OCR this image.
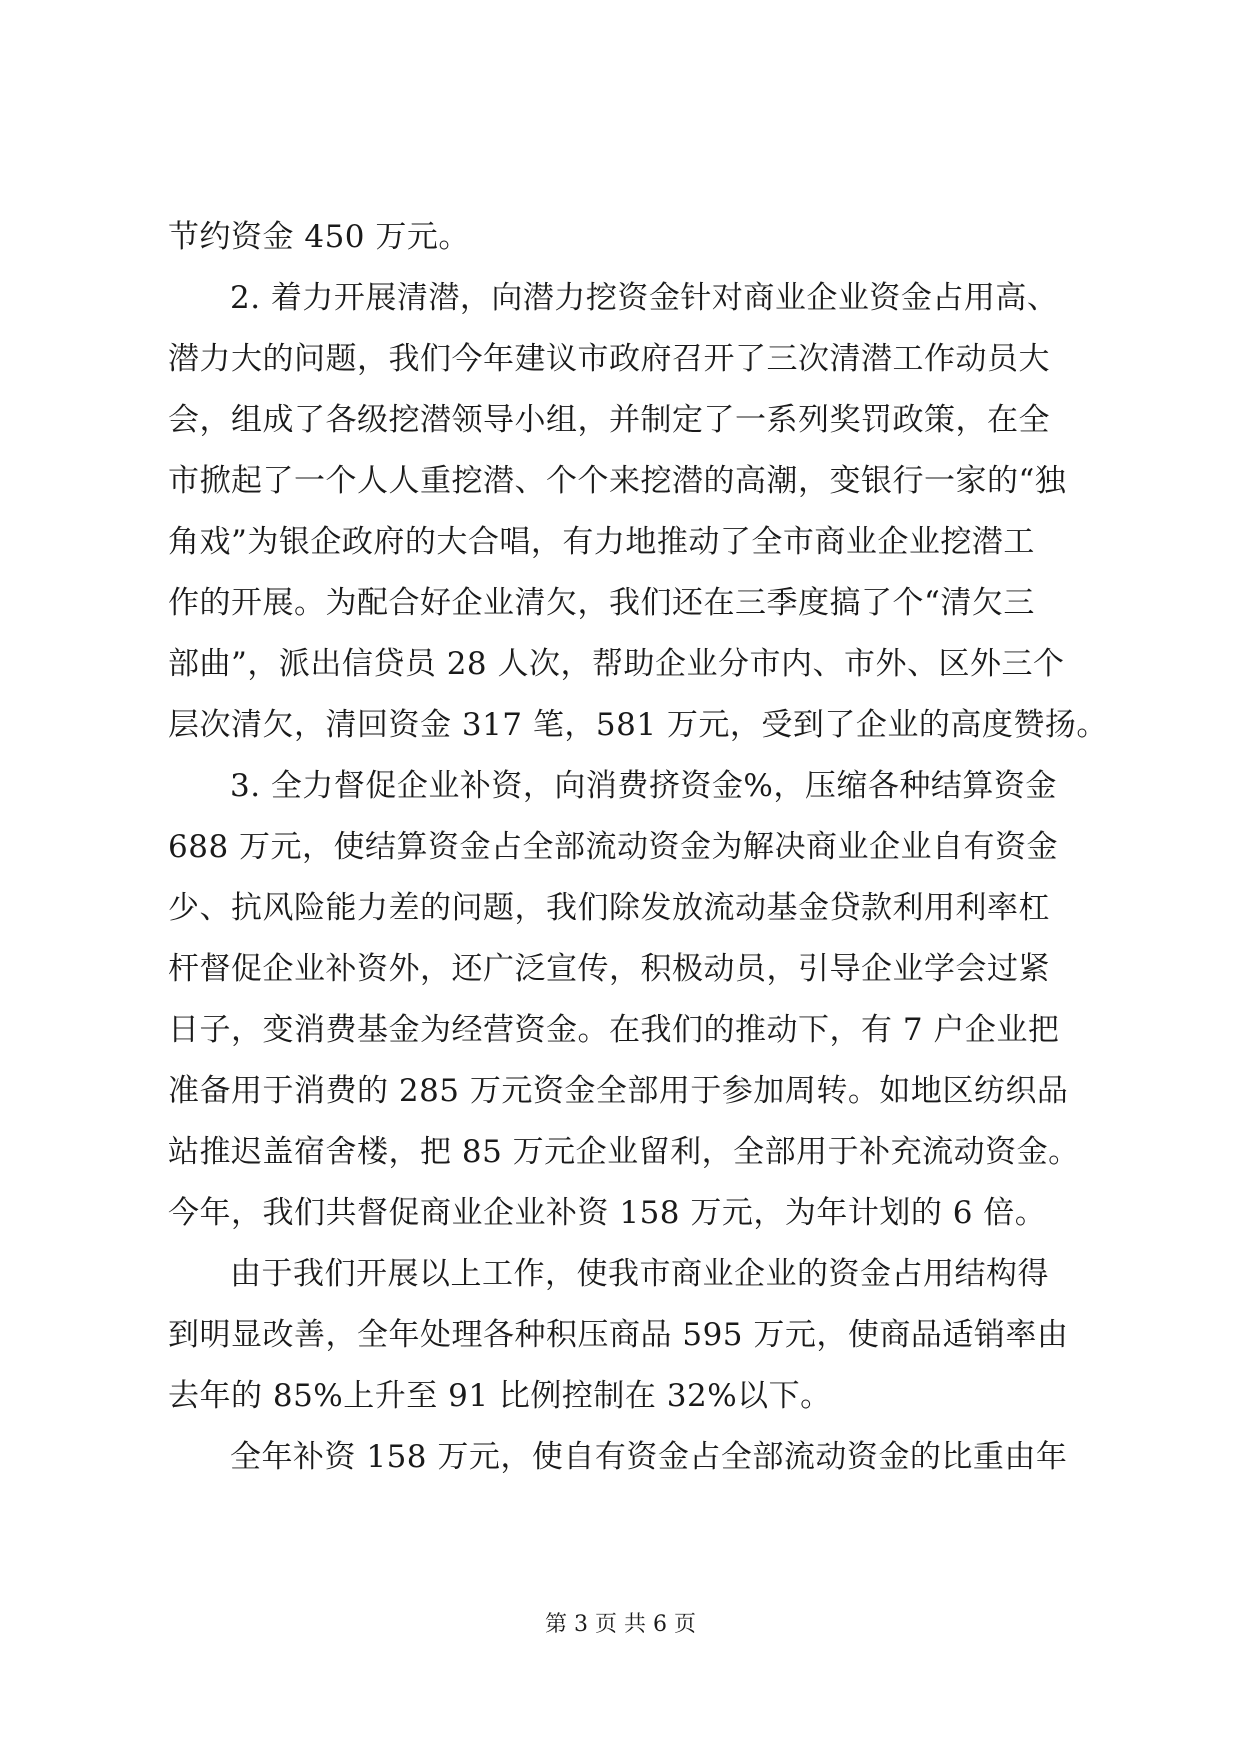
节约资金 450 万元。
2. 着力开展清潜，向潜力挖资金针对商业企业资金占用高、
潜力大的问题，我们今年建议市政府召开了三次清潜工作动员大
会，组成了各级挖潜领导小组，并制定了一系列奖罚政策，在全
市掀起了一个人人重挖潜、个个来挖潜的高潮，变银行一家的“独
角戏”为银企政府的大合唱，有力地推动了全市商业企业挖潜工
作的开展。为配合好企业清欠，我们还在三季度搞了个“清欠三
部曲”，派出信贷员 28 人次，帮助企业分市内、市外、区外三个
层次清欠，清回资金 317 笔，581 万元，受到了企业的高度赞扬。
3. 全力督促企业补资，向消费挤资金%，压缩各种结算资金
688 万元，使结算资金占全部流动资金为解决商业企业自有资金
少、抗风险能力差的问题，我们除发放流动基金贷款利用利率杠
杆督促企业补资外，还广泛宣传，积极动员，引导企业学会过紧
日子，变消费基金为经营资金。在我们的推动下，有 7 户企业把
准备用于消费的 285 万元资金全部用于参加周转。如地区纺织品
站推迟盖宿舍楼，把 85 万元企业留利，全部用于补充流动资金。
今年，我们共督促商业企业补资 158 万元，为年计划的 6 倍。
由于我们开展以上工作，使我市商业企业的资金占用结构得
到明显改善，全年处理各种积压商品 595 万元，使商品适销率由
去年的 85%上升至 91 比例控制在 32%以下。
全年补资 158 万元，使自有资金占全部流动资金的比重由年
第 3 页 共 6 页
